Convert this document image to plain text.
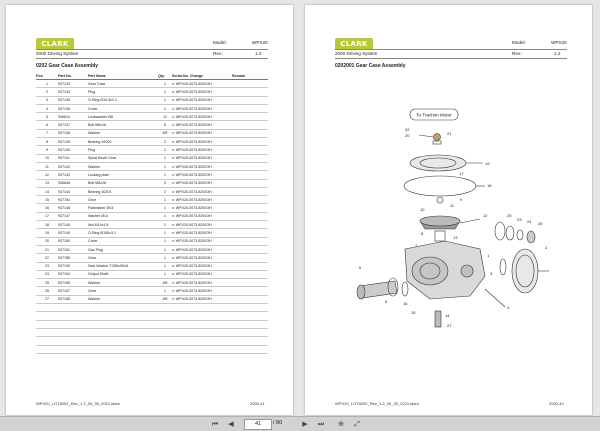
CLARK	Model:	WPX20
2000 Driving System	Rev.:	1.2
0202 Gear Case Assembly
Pos.	Part No.	Part Name	Qty.	Serial-No. Change	Remark
1	937133	Gear Case	1	x: WPX20-0073-8292OH	
2	937134	Plug	1	x: WPX20-0073-8292OH	
3	937135	O-Ring Ø10.5x2.1	1	x: WPX20-0073-8292OH	
4	937136	Cover	1	x: WPX20-0073-8292OH	
5	936610	Lockwasher Ø6	12	x: WPX20-0073-8292OH	
6	937137	Bolt M6x16	6	x: WPX20-0073-8292OH	
7	937138	Washer	AR	x: WPX20-0073-8292OH	
8	937139	Bearing 32009	2	x: WPX20-0073-8292OH	
9	937140	Plug	1	x: WPX20-0073-8292OH	
10	937141	Spiral Bevel Gear	1	x: WPX20-0073-8292OH	
11	937142	Washer	1	x: WPX20-0073-8292OH	
12	937143	Locking plate	1	x: WPX20-0073-8292OH	
13	936848	Bolt M8x28	3	x: WPX20-0073-8292OH	
14	937144	Bearing 30204	2	x: WPX20-0073-8292OH	
15	937784	Gear	1	x: WPX20-0073-8292OH	
16	937146	Flatwasher Ø14	1	x: WPX20-0073-8292OH	
17	937147	Washer Ø14	1	x: WPX20-0073-8292OH	
18	937148	Nut M14x1.5	1	x: WPX20-0073-8292OH	
19	937149	O-Ring Ø150x3.1	1	x: WPX20-0073-8292OH	
20	937150	Cover	1	x: WPX20-0073-8292OH	
21	937151	Gas Plug	1	x: WPX20-0073-8292OH	
22	937785	Gear	1	x: WPX20-0073-8292OH	
23	937153	Seal Washer TC80x95x8	1	x: WPX20-0073-8292OH	
24	937154	Output Shaft	1	x: WPX20-0073-8292OH	
25	937155	Washer	AR	x: WPX20-0073-8292OH	
26	937157	Gear	1	x: WPX20-0073-8292OH	
27	937158	Washer	AR	x: WPX20-0073-8292OH	

WPX20_LOT8292_Rev_1.2_09_30_2021.idam	2000-41
CLARK	Model:	WPX20
2000 Driving System	Rev.:	1.2
0202001 Gear Case Assembly
22
20	21
19
18
17
9
11
10
12
8
13
7
1
25
23 24 26
2
3
4
5
6	16
15
14
27
To Traction Motor
WPX20_LOT8292_Rev_1.2_09_30_2021.idam	2000-42
⏮	◀	41	/ 80	▶	⏭ ⊕	⤢
